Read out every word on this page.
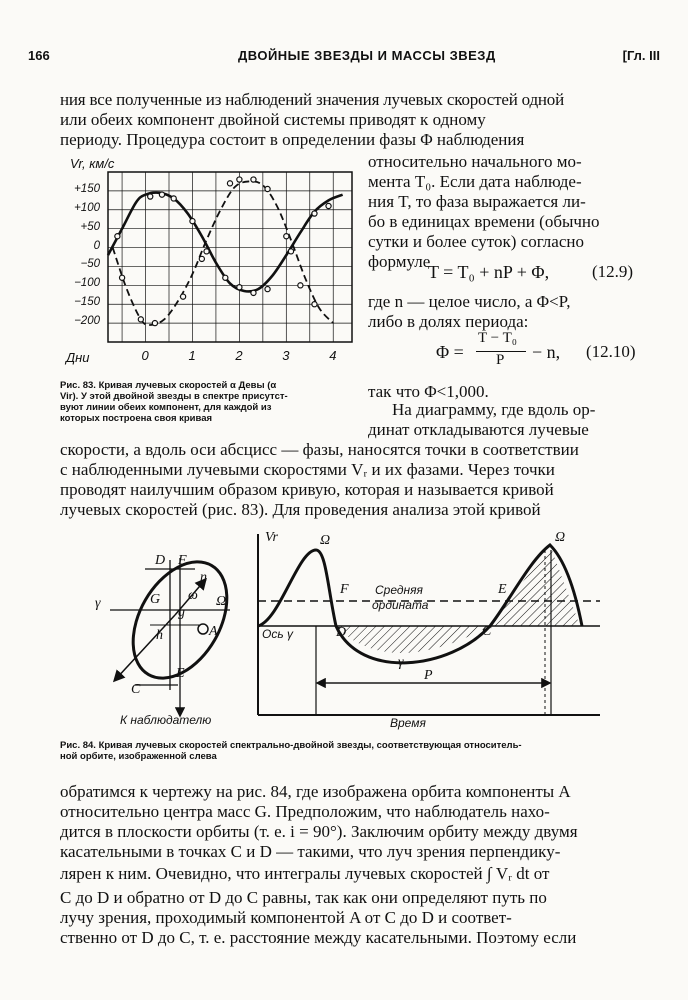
166	ДВОЙНЫЕ ЗВЕЗДЫ И МАССЫ ЗВЕЗД	[Гл. III
ния все полученные из наблюдений значения лучевых скоростей одной
или обеих компонент двойной системы приводят к одному
периоду. Процедура состоит в определении фазы Φ наблюдения
относительно начального мо-
мента T₀. Если дата наблюде-
ния T, то фаза выражается ли-
бо в единицах времени (обычно
сутки и более суток) согласно
формуле
T = T₀ + nP + Φ,	(12.9)
где n — целое число, а Φ<P,
либо в долях периода:
Φ =
T − T₀
P − n, (12.10)
так что Φ<1,000.
На диаграмму, где вдоль ор-
динат откладываются лучевые
скорости, а вдоль оси абсцисс — фазы, наносятся точки в соответствии
с наблюденными лучевыми скоростями Vᵣ и их фазами. Через точки
проводят наилучшим образом кривую, которая и называется кривой
лучевых скоростей (рис. 83). Для проведения анализа этой кривой
Vr, км/с
Дни
+150
+100
+50
0
−50
−100
−150
−200
0	1	2	3	4
Рис. 83. Кривая лучевых скоростей α Девы (α
Vir). У этой двойной звезды в спектре присутст-
вуют линии обеих компонент, для каждой из
которых построена своя кривая
D F
n
γ	G ω Ω
g
h	A
C
E
К наблюдателю
Vr	Ω	Ω
F	E
D	C
γ
Ось γ
Средняя
ордината
P
Время
Рис. 84. Кривая лучевых скоростей спектрально-двойной звезды, соответствующая относитель-
ной орбите, изображенной слева
обратимся к чертежу на рис. 84, где изображена орбита компоненты A
относительно центра масс G. Предположим, что наблюдатель нахо-
дится в плоскости орбиты (т. е. i = 90°). Заключим орбиту между двумя
касательными в точках C и D — такими, что луч зрения перпендику-
ляpен к ним. Очевидно, что интегралы лучевых скоростей ∫ Vᵣ dt от
C до D и обратно от D до C равны, так как они определяют путь по
лучу зрения, проходимый компонентой A от C до D и соответ-
ственно от D до C, т. е. расстояние между касательными. Поэтому если
